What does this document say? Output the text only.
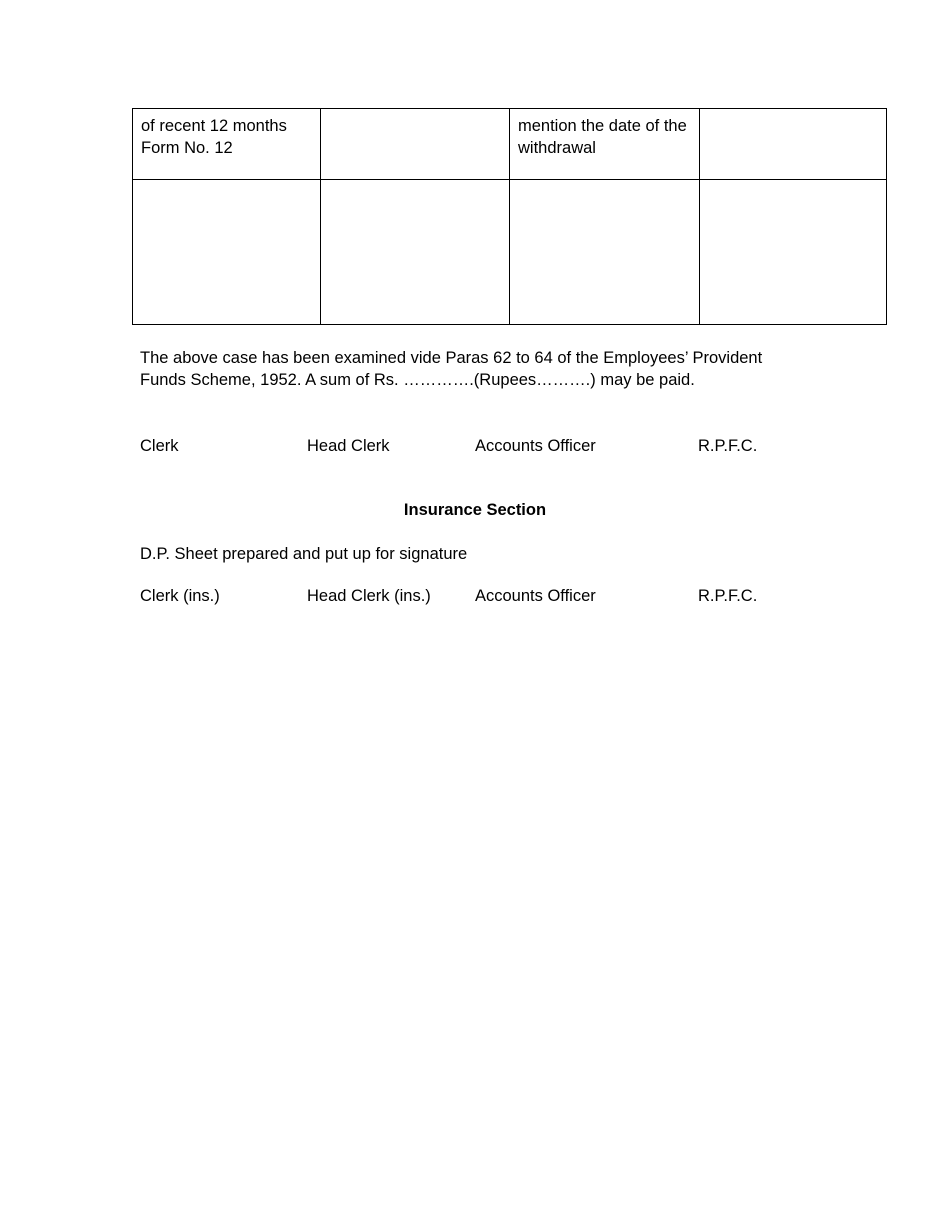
of recent 12 months Form No. 12		mention the date of the withdrawal	

The above case has been examined vide Paras 62 to 64 of the Employees’ Provident Funds Scheme, 1952. A sum of Rs. ………….(Rupees……….) may be paid.
Clerk	Head Clerk	Accounts Officer	R.P.F.C.
Insurance Section
D.P. Sheet prepared and put up for signature
Clerk (ins.)	Head Clerk (ins.)	Accounts Officer	R.P.F.C.
